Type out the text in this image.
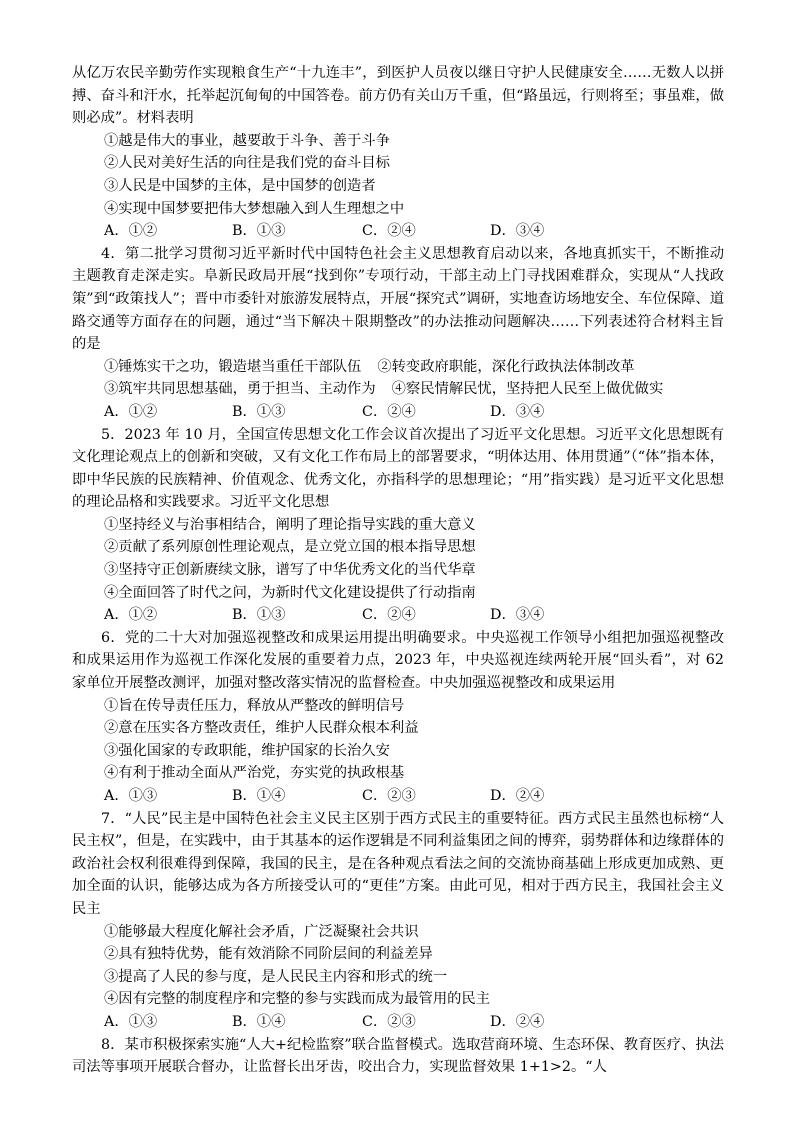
从亿万农民辛勤劳作实现粮食生产“十九连丰”，到医护人员夜以继日守护人民健康安全……无数人以拼搏、奋斗和汗水，托举起沉甸甸的中国答卷。前方仍有关山万千重，但“路虽远，行则将至；事虽难，做则必成”。材料表明

①越是伟大的事业，越要敢于斗争、善于斗争

②人民对美好生活的向往是我们党的奋斗目标

③人民是中国梦的主体，是中国梦的创造者

④实现中国梦要把伟大梦想融入到人生理想之中

A．①②	B．①③	C．②④	D．③④

4．第二批学习贯彻习近平新时代中国特色社会主义思想教育启动以来，各地真抓实干，不断推动主题教育走深走实。阜新民政局开展“找到你”专项行动，干部主动上门寻找困难群众，实现从“人找政策”到“政策找人”；晋中市委针对旅游发展特点，开展“探究式”调研，实地查访场地安全、车位保障、道路交通等方面存在的问题，通过“当下解决＋限期整改”的办法推动问题解决……下列表述符合材料主旨的是

①锤炼实干之功，锻造堪当重任干部队伍 ②转变政府职能，深化行政执法体制改革

③筑牢共同思想基础，勇于担当、主动作为 ④察民情解民忧，坚持把人民至上做优做实

A．①②	B．①③	C．②④	D．③④

5．2023 年 10 月，全国宣传思想文化工作会议首次提出了习近平文化思想。习近平文化思想既有文化理论观点上的创新和突破，又有文化工作布局上的部署要求，“明体达用、体用贯通”（“体”指本体，即中华民族的民族精神、价值观念、优秀文化，亦指科学的思想理论；“用”指实践）是习近平文化思想的理论品格和实践要求。习近平文化思想

①坚持经义与治事相结合，阐明了理论指导实践的重大意义

②贡献了系列原创性理论观点，是立党立国的根本指导思想

③坚持守正创新赓续文脉，谱写了中华优秀文化的当代华章

④全面回答了时代之问，为新时代文化建设提供了行动指南

A．①②	B．①③	C．②④	D．③④

6．党的二十大对加强巡视整改和成果运用提出明确要求。中央巡视工作领导小组把加强巡视整改和成果运用作为巡视工作深化发展的重要着力点，2023 年，中央巡视连续两轮开展“回头看”，对 62 家单位开展整改测评，加强对整改落实情况的监督检查。中央加强巡视整改和成果运用

①旨在传导责任压力，释放从严整改的鲜明信号

②意在压实各方整改责任，维护人民群众根本利益

③强化国家的专政职能，维护国家的长治久安

④有利于推动全面从严治党，夯实党的执政根基

A．①③	B．①④	C．②③	D．②④

7．“人民”民主是中国特色社会主义民主区别于西方式民主的重要特征。西方式民主虽然也标榜“人民主权”，但是，在实践中，由于其基本的运作逻辑是不同利益集团之间的博弈，弱势群体和边缘群体的政治社会权利很难得到保障，我国的民主，是在各种观点看法之间的交流协商基础上形成更加成熟、更加全面的认识，能够达成为各方所接受认可的“更佳”方案。由此可见，相对于西方民主，我国社会主义民主

①能够最大程度化解社会矛盾，广泛凝聚社会共识

②具有独特优势，能有效消除不同阶层间的利益差异

③提高了人民的参与度，是人民民主内容和形式的统一

④因有完整的制度程序和完整的参与实践而成为最管用的民主

A．①③	B．①④	C．②③	D．②④

8．某市积极探索实施“人大+纪检监察”联合监督模式。选取营商环境、生态环保、教育医疗、执法司法等事项开展联合督办，让监督长出牙齿，咬出合力，实现监督效果 1+1>2。“人
